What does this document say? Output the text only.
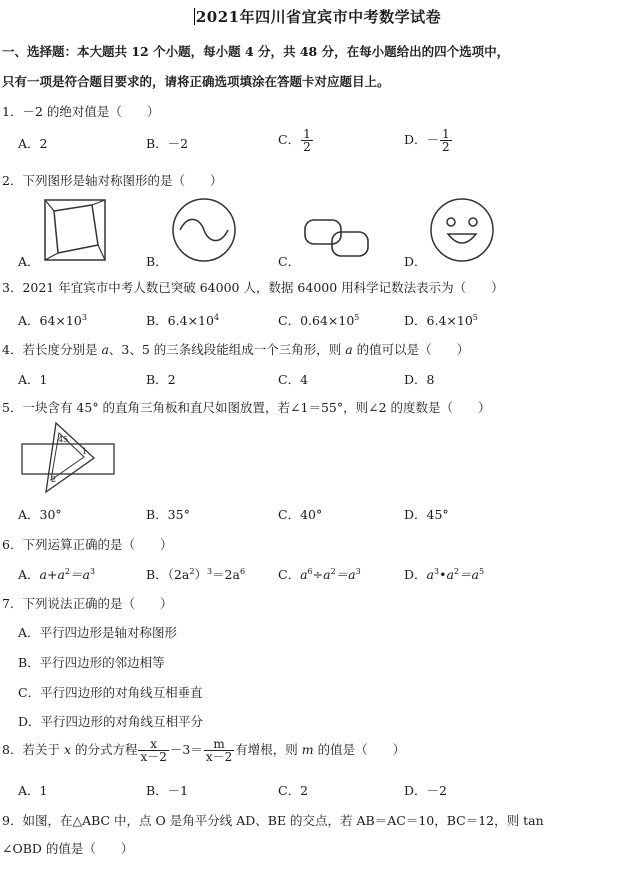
2021年四川省宜宾市中考数学试卷
一、选择题：本大题共 12 个小题，每小题 4 分，共 48 分，在每小题给出的四个选项中，
只有一项是符合题目要求的，请将正确选项填涂在答题卡对应题目上。
1．－2 的绝对值是（　　）
A．2	B．－2	C． $\frac{1}{2}$	D．－ $\frac{1}{2}$
2．下列图形是轴对称图形的是（　　）
A．	B．	C．	D．
3．2021 年宜宾市中考人数已突破 64000 人，数据 64000 用科学记数法表示为（　　）
A．$64\times 10^3$	B．$6.4\times 10^4$	C．$0.64\times 10^5$	D．$6.4\times 10^5$
4．若长度分别是 a、3、5 的三条线段能组成一个三角形，则 a 的值可以是（　　）
A．1	B．2	C．4	D．8
5．一块含有 45° 的直角三角板和直尺如图放置，若∠1＝55°，则∠2 的度数是（　　）
45
1
2
A．30°	B．35°	C．40°	D．45°
6．下列运算正确的是（　　）
A．$a+a^2=a^3$	B．$(2a^2)^3=2a^6$	C．$a^6\div a^2=a^3$	D．$a^3•a^2=a^5$
7．下列说法正确的是（　　）
A．平行四边形是轴对称图形
B．平行四边形的邻边相等
C．平行四边形的对角线互相垂直
D．平行四边形的对角线互相平分
8．若关于 x 的分式方程 $\frac{x}{x-2} -3= \frac{m}{x-2}$ 有增根，则 m 的值是（　　）
A．1	B．－1	C．2	D．－2
9．如图，在△ABC 中，点 O 是角平分线 AD、BE 的交点，若 AB＝AC＝10，BC＝12，则 tan
∠OBD 的值是（　　）
